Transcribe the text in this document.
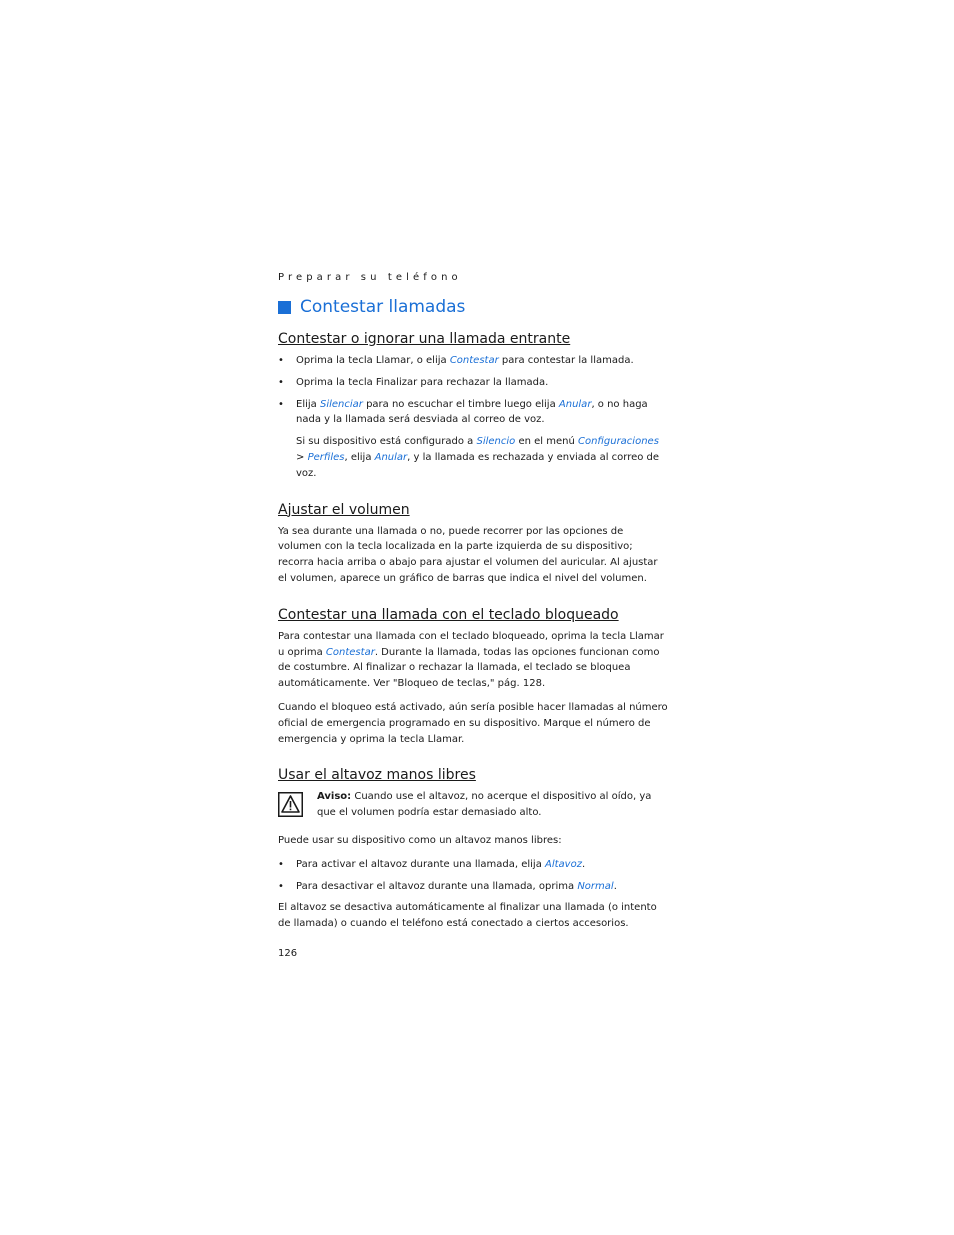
Preparar su teléfono
Contestar llamadas
Contestar o ignorar una llamada entrante
• Oprima la tecla Llamar, o elija Contestar para contestar la llamada.
• Oprima la tecla Finalizar para rechazar la llamada.
• Elija Silenciar para no escuchar el timbre luego elija Anular, o no haga nada y la llamada será desviada al correo de voz.

Si su dispositivo está configurado a Silencio en el menú Configuraciones > Perfiles, elija Anular, y la llamada es rechazada y enviada al correo de voz.

Ajustar el volumen

Ya sea durante una llamada o no, puede recorrer por las opciones de volumen con la tecla localizada en la parte izquierda de su dispositivo; recorra hacia arriba o abajo para ajustar el volumen del auricular. Al ajustar el volumen, aparece un gráfico de barras que indica el nivel del volumen.

Contestar una llamada con el teclado bloqueado

Para contestar una llamada con el teclado bloqueado, oprima la tecla Llamar u oprima Contestar. Durante la llamada, todas las opciones funcionan como de costumbre. Al finalizar o rechazar la llamada, el teclado se bloquea automáticamente. Ver "Bloqueo de teclas," pág. 128.

Cuando el bloqueo está activado, aún sería posible hacer llamadas al número oficial de emergencia programado en su dispositivo. Marque el número de emergencia y oprima la tecla Llamar.

Usar el altavoz manos libres

Aviso: Cuando use el altavoz, no acerque el dispositivo al oído, ya que el volumen podría estar demasiado alto.

Puede usar su dispositivo como un altavoz manos libres:

• Para activar el altavoz durante una llamada, elija Altavoz.
• Para desactivar el altavoz durante una llamada, oprima Normal.

El altavoz se desactiva automáticamente al finalizar una llamada (o intento de llamada) o cuando el teléfono está conectado a ciertos accesorios.

126
